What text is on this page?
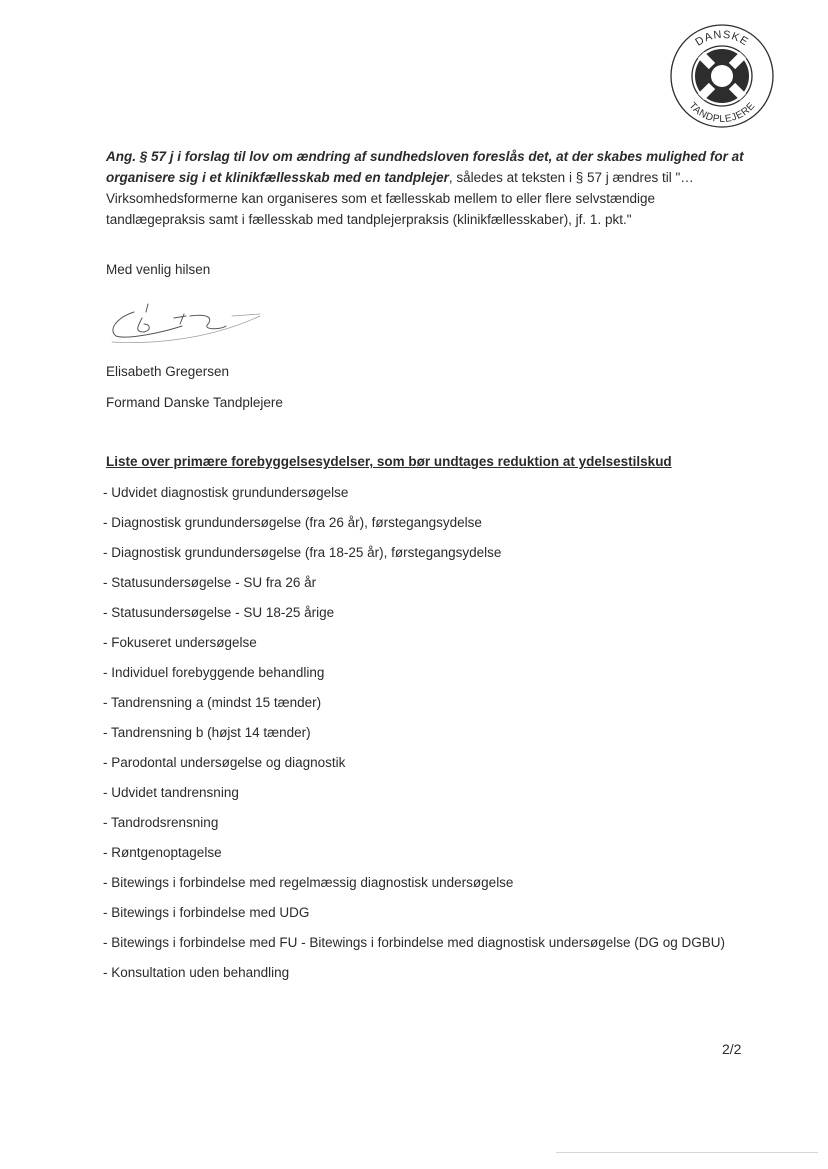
DANSKE
TANDPLEJERE
Ang. § 57 j i forslag til lov om ændring af sundhedsloven foreslås det, at der skabes mulighed for at organisere sig i et klinikfællesskab med en tandplejer, således at teksten i § 57 j ændres til "… Virksomhedsformerne kan organiseres som et fællesskab mellem to eller flere selvstændige tandlægepraksis samt i fællesskab med tandplejerpraksis (klinikfællesskaber), jf. 1. pkt."
Med venlig hilsen
Elisabeth Gregersen
Formand Danske Tandplejere
Liste over primære forebyggelsesydelser, som bør undtages reduktion at ydelsestilskud
- Udvidet diagnostisk grundundersøgelse
- Diagnostisk grundundersøgelse (fra 26 år), førstegangsydelse
- Diagnostisk grundundersøgelse (fra 18-25 år), førstegangsydelse
- Statusundersøgelse - SU fra 26 år
- Statusundersøgelse - SU 18-25 årige
- Fokuseret undersøgelse
- Individuel forebyggende behandling
- Tandrensning a (mindst 15 tænder)
- Tandrensning b (højst 14 tænder)
- Parodontal undersøgelse og diagnostik
- Udvidet tandrensning
- Tandrodsrensning
- Røntgenoptagelse
- Bitewings i forbindelse med regelmæssig diagnostisk undersøgelse
- Bitewings i forbindelse med UDG
- Bitewings i forbindelse med FU - Bitewings i forbindelse med diagnostisk undersøgelse (DG og DGBU)
- Konsultation uden behandling
2/2
